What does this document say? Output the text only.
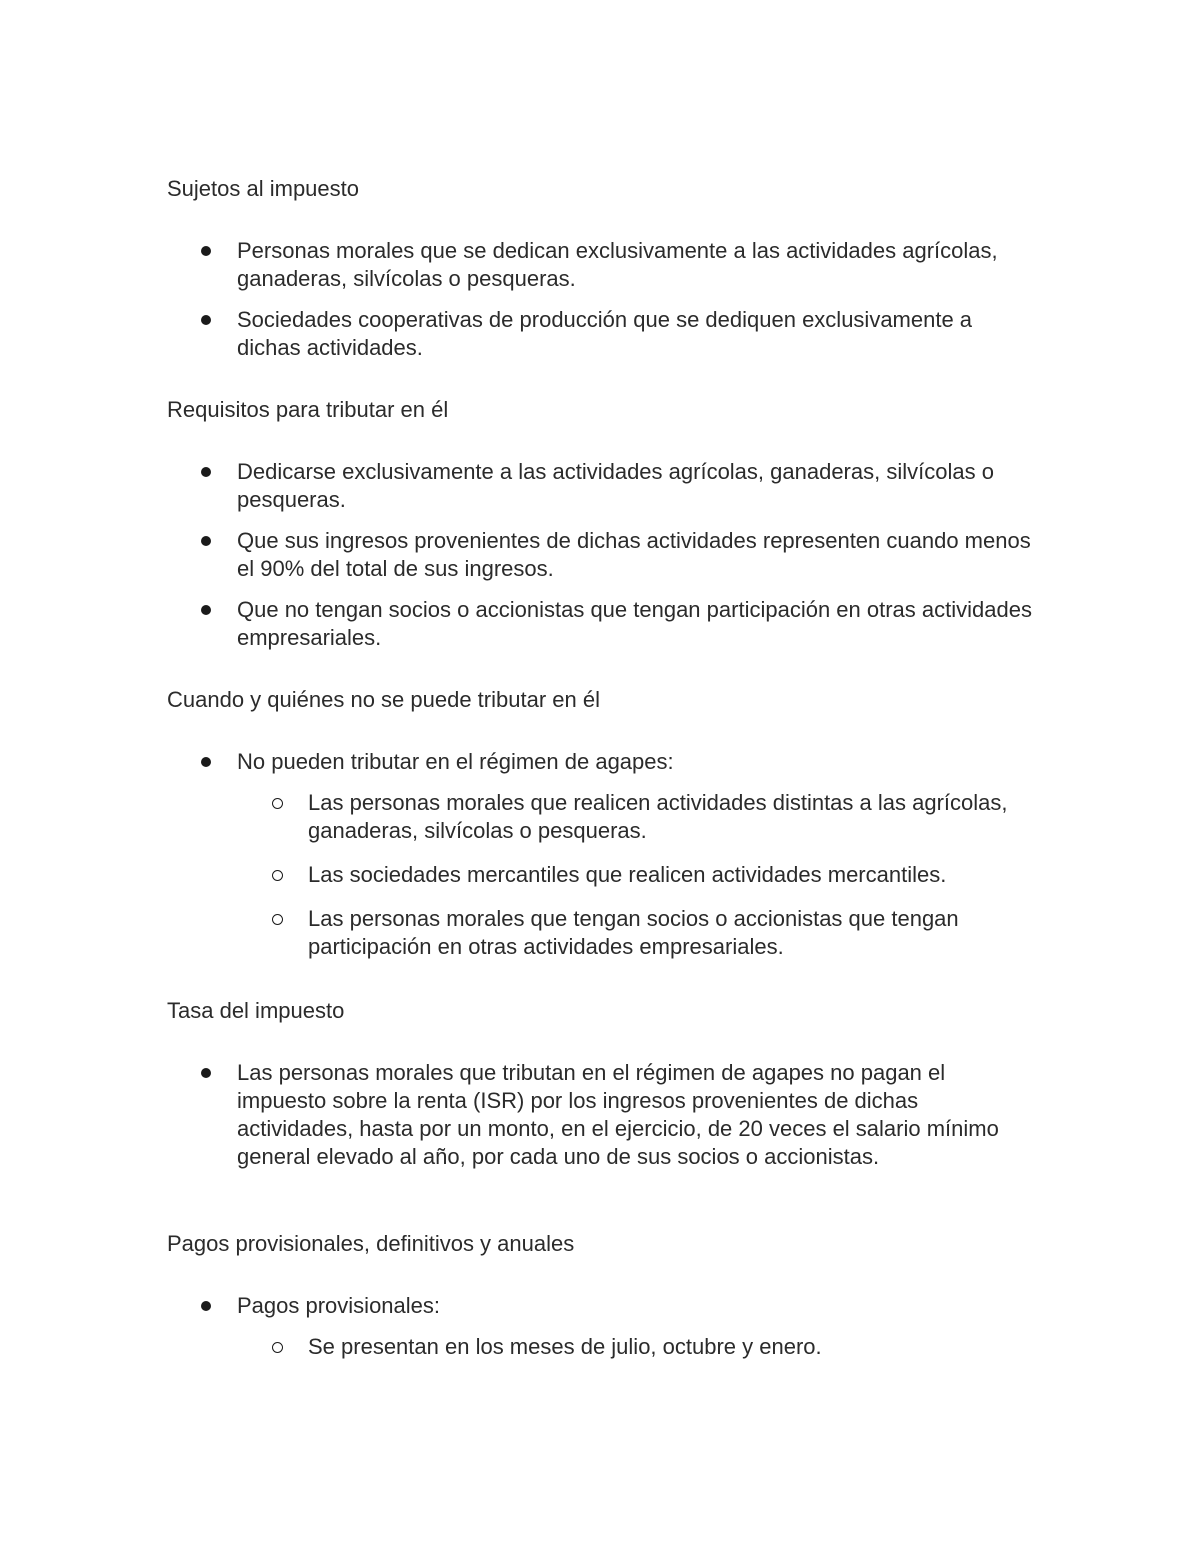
Sujetos al impuesto

Personas morales que se dedican exclusivamente a las actividades agrícolas, ganaderas, silvícolas o pesqueras.

Sociedades cooperativas de producción que se dediquen exclusivamente a dichas actividades.

Requisitos para tributar en él

Dedicarse exclusivamente a las actividades agrícolas, ganaderas, silvícolas o pesqueras.

Que sus ingresos provenientes de dichas actividades representen cuando menos el 90% del total de sus ingresos.

Que no tengan socios o accionistas que tengan participación en otras actividades empresariales.

Cuando y quiénes no se puede tributar en él

No pueden tributar en el régimen de agapes:

Las personas morales que realicen actividades distintas a las agrícolas, ganaderas, silvícolas o pesqueras.

Las sociedades mercantiles que realicen actividades mercantiles.

Las personas morales que tengan socios o accionistas que tengan participación en otras actividades empresariales.

Tasa del impuesto

Las personas morales que tributan en el régimen de agapes no pagan el impuesto sobre la renta (ISR) por los ingresos provenientes de dichas actividades, hasta por un monto, en el ejercicio, de 20 veces el salario mínimo general elevado al año, por cada uno de sus socios o accionistas.

Pagos provisionales, definitivos y anuales

Pagos provisionales:

Se presentan en los meses de julio, octubre y enero.
